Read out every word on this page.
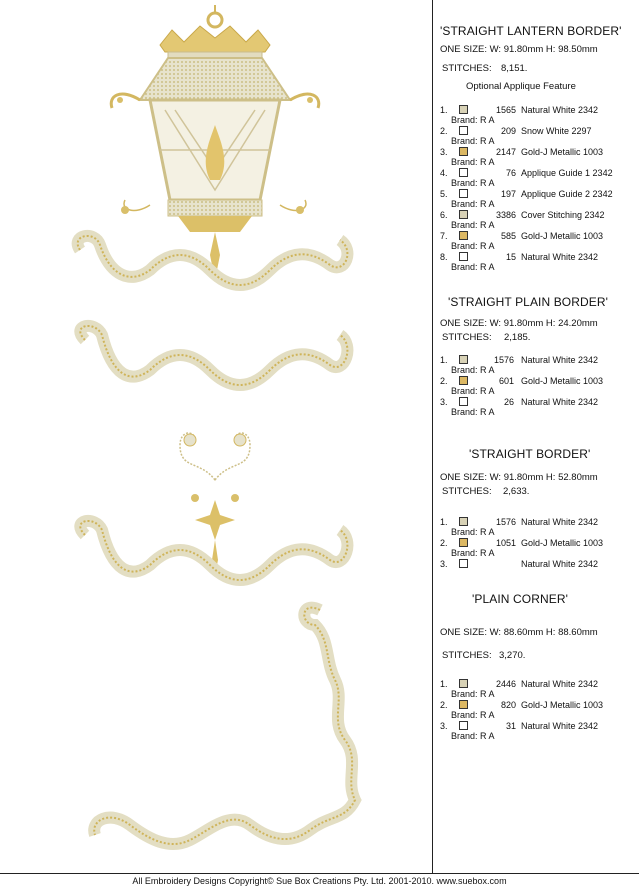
'STRAIGHT LANTERN BORDER'
ONE SIZE: W: 91.80mm H: 98.50mm
STITCHES: 8,151.
Optional Applique Feature
1.	1565 Natural White 2342
Brand: R A
2.	209 Snow White 2297
Brand: R A
3.	2147 Gold-J Metallic 1003
Brand: R A
4.	76 Applique Guide 1 2342
Brand: R A
5.	197 Applique Guide 2 2342
Brand: R A
6.	3386 Cover Stitching 2342
Brand: R A
7.	585 Gold-J Metallic 1003
Brand: R A
8.	15 Natural White 2342
Brand: R A
1.	1576 Natural White 2342
Brand: R A
2.	601 Gold-J Metallic 1003
Brand: R A
3.	26 Natural White 2342
Brand: R A
1.	1576 Natural White 2342
Brand: R A
2.	1051 Gold-J Metallic 1003
Brand: R A
3.	Natural White 2342
1.	2446 Natural White 2342
Brand: R A
2.	820 Gold-J Metallic 1003
Brand: R A
3.	31 Natural White 2342
Brand: R A
'STRAIGHT PLAIN BORDER'
ONE SIZE: W: 91.80mm H: 24.20mm
STITCHES: 2,185.
'STRAIGHT BORDER'
ONE SIZE: W: 91.80mm H: 52.80mm
STITCHES: 2,633.
'PLAIN CORNER'
ONE SIZE: W: 88.60mm H: 88.60mm
STITCHES: 3,270.
All Embroidery Designs Copyright© Sue Box Creations Pty. Ltd. 2001-2010. www.suebox.com
